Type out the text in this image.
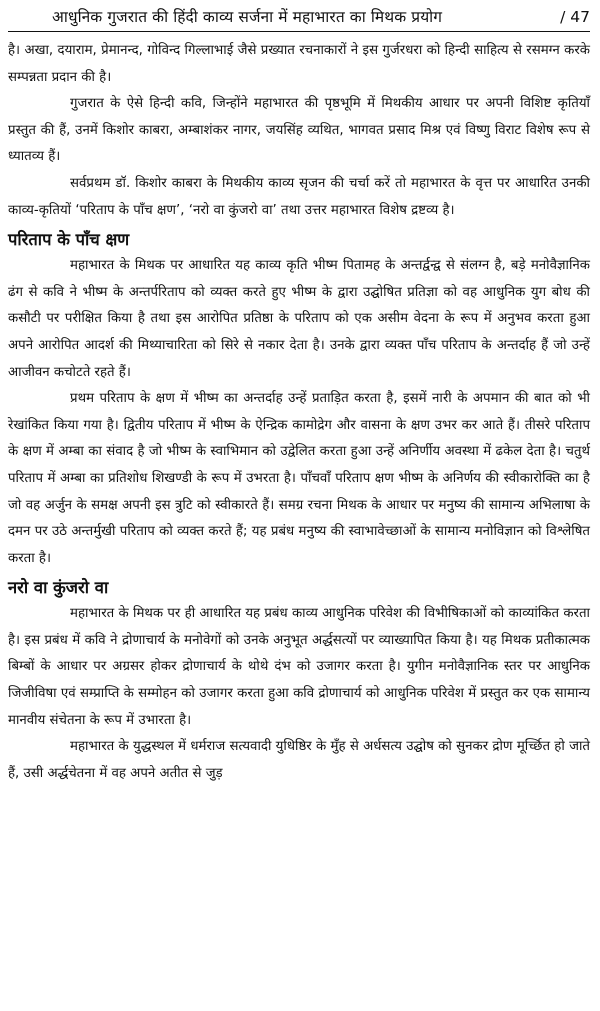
आधुनिक गुजरात की हिंदी काव्य सर्जना में महाभारत का मिथक प्रयोग	/ 47

है। अखा, दयाराम, प्रेमानन्द, गोविन्द गिल्लाभाई जैसे प्रख्यात रचनाकारों ने इस गुर्जरधरा को हिन्दी साहित्य से रसमग्न करके सम्पन्नता प्रदान की है।

गुजरात के ऐसे हिन्दी कवि, जिन्होंने महाभारत की पृष्ठभूमि में मिथकीय आधार पर अपनी विशिष्ट कृतियाँ प्रस्तुत की हैं, उनमें किशोर काबरा, अम्बाशंकर नागर, जयसिंह व्यथित, भागवत प्रसाद मिश्र एवं विष्णु विराट विशेष रूप से ध्यातव्य हैं।

सर्वप्रथम डॉ. किशोर काबरा के मिथकीय काव्य सृजन की चर्चा करें तो महाभारत के वृत्त पर आधारित उनकी काव्य-कृतियों ‘परिताप के पाँच क्षण’, ‘नरो वा कुंजरो वा’ तथा उत्तर महाभारत विशेष द्रष्टव्य है।

परिताप के पाँच क्षण

महाभारत के मिथक पर आधारित यह काव्य कृति भीष्म पितामह के अन्तर्द्वन्द्व से संलग्न है, बड़े मनोवैज्ञानिक ढंग से कवि ने भीष्म के अन्तर्परिताप को व्यक्त करते हुए भीष्म के द्वारा उद्घोषित प्रतिज्ञा को वह आधुनिक युग बोध की कसौटी पर परीक्षित किया है तथा इस आरोपित प्रतिष्ठा के परिताप को एक असीम वेदना के रूप में अनुभव करता हुआ अपने आरोपित आदर्श की मिथ्याचारिता को सिरे से नकार देता है। उनके द्वारा व्यक्त पाँच परिताप के अन्तर्दाह हैं जो उन्हें आजीवन कचोटते रहते हैं।

प्रथम परिताप के क्षण में भीष्म का अन्तर्दाह उन्हें प्रताड़ित करता है, इसमें नारी के अपमान की बात को भी रेखांकित किया गया है। द्वितीय परिताप में भीष्म के ऐन्द्रिक कामोद्रेग और वासना के क्षण उभर कर आते हैं। तीसरे परिताप के क्षण में अम्बा का संवाद है जो भीष्म के स्वाभिमान को उद्वेलित करता हुआ उन्हें अनिर्णीय अवस्था में ढकेल देता है। चतुर्थ परिताप में अम्बा का प्रतिशोध शिखण्डी के रूप में उभरता है। पाँचवाँ परिताप क्षण भीष्म के अनिर्णय की स्वीकारोक्ति का है जो वह अर्जुन के समक्ष अपनी इस त्रुटि को स्वीकारते हैं। समग्र रचना मिथक के आधार पर मनुष्य की सामान्य अभिलाषा के दमन पर उठे अन्तर्मुखी परिताप को व्यक्त करते हैं; यह प्रबंध मनुष्य की स्वाभावेच्छाओं के सामान्य मनोविज्ञान को विश्लेषित करता है।

नरो वा कुंजरो वा

महाभारत के मिथक पर ही आधारित यह प्रबंध काव्य आधुनिक परिवेश की विभीषिकाओं को काव्यांकित करता है। इस प्रबंध में कवि ने द्रोणाचार्य के मनोवेगों को उनके अनुभूत अर्द्धसत्यों पर व्याख्यापित किया है। यह मिथक प्रतीकात्मक बिम्बों के आधार पर अग्रसर होकर द्रोणाचार्य के थोथे दंभ को उजागर करता है। युगीन मनोवैज्ञानिक स्तर पर आधुनिक जिजीविषा एवं सम्प्राप्ति के सम्मोहन को उजागर करता हुआ कवि द्रोणाचार्य को आधुनिक परिवेश में प्रस्तुत कर एक सामान्य मानवीय संचेतना के रूप में उभारता है।

महाभारत के युद्धस्थल में धर्मराज सत्यवादी युधिष्ठिर के मुँह से अर्धसत्य उद्घोष को सुनकर द्रोण मूर्च्छित हो जाते हैं, उसी अर्द्धचेतना में वह अपने अतीत से जुड़
